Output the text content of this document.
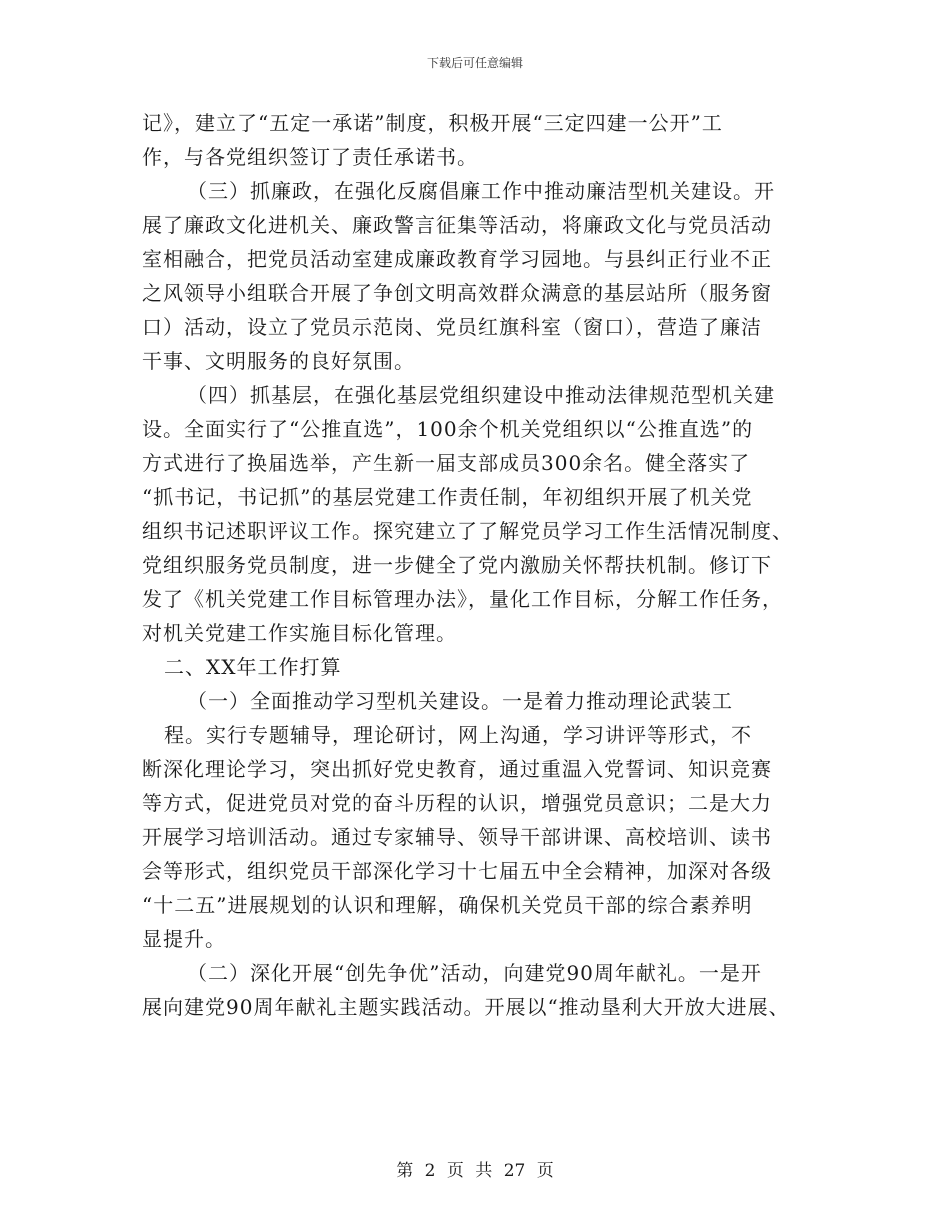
下载后可任意编辑
记》，建立了“五定一承诺”制度，积极开展“三定四建一公开”工
作，与各党组织签订了责任承诺书。
（三）抓廉政，在强化反腐倡廉工作中推动廉洁型机关建设。开
展了廉政文化进机关、廉政警言征集等活动，将廉政文化与党员活动
室相融合，把党员活动室建成廉政教育学习园地。与县纠正行业不正
之风领导小组联合开展了争创文明高效群众满意的基层站所（服务窗
口）活动，设立了党员示范岗、党员红旗科室（窗口），营造了廉洁
干事、文明服务的良好氛围。
（四）抓基层，在强化基层党组织建设中推动法律规范型机关建
设。全面实行了“公推直选”，100余个机关党组织以“公推直选”的
方式进行了换届选举，产生新一届支部成员300余名。健全落实了
“抓书记，书记抓”的基层党建工作责任制，年初组织开展了机关党
组织书记述职评议工作。探究建立了了解党员学习工作生活情况制度、
党组织服务党员制度，进一步健全了党内激励关怀帮扶机制。修订下
发了《机关党建工作目标管理办法》，量化工作目标，分解工作任务，
对机关党建工作实施目标化管理。
二、XX年工作打算
（一）全面推动学习型机关建设。一是着力推动理论武装工
程。实行专题辅导，理论研讨，网上沟通，学习讲评等形式，不
断深化理论学习，突出抓好党史教育，通过重温入党誓词、知识竞赛
等方式，促进党员对党的奋斗历程的认识，增强党员意识；二是大力
开展学习培训活动。通过专家辅导、领导干部讲课、高校培训、读书
会等形式，组织党员干部深化学习十七届五中全会精神，加深对各级
“十二五”进展规划的认识和理解，确保机关党员干部的综合素养明
显提升。
（二）深化开展“创先争优”活动，向建党90周年献礼。一是开
展向建党90周年献礼主题实践活动。开展以“推动垦利大开放大进展、
第 2 页 共 27 页
